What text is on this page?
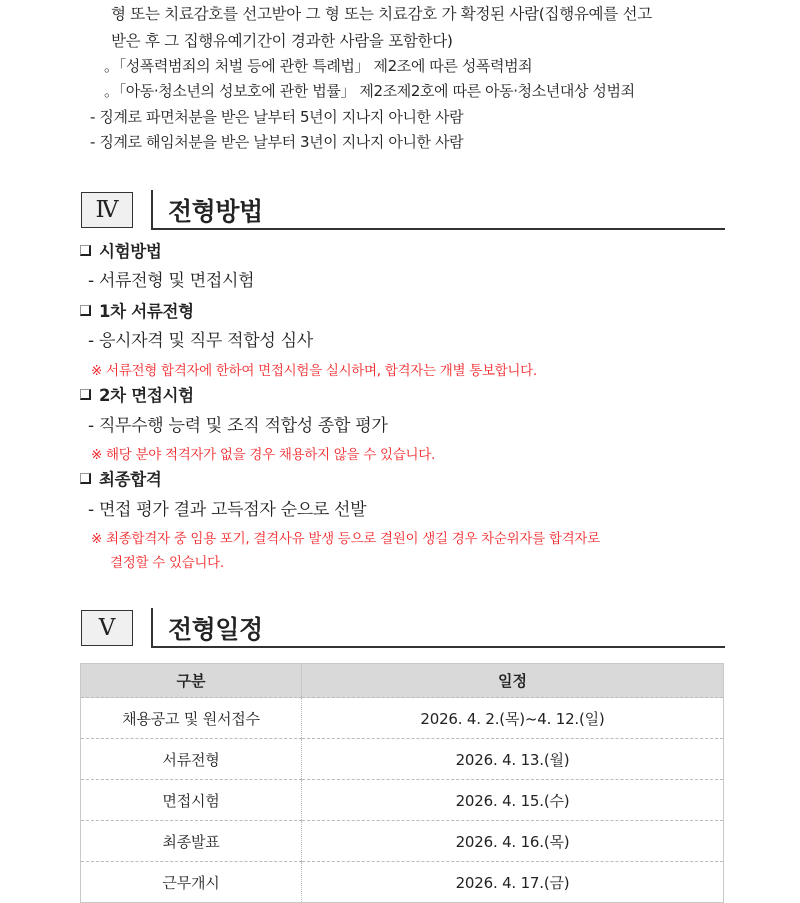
형 또는 치료감호를 선고받아 그 형 또는 치료감호 가 확정된 사람(집행유예를 선고
받은 후 그 집행유예기간이 경과한 사람을 포함한다)
。「성폭력범죄의 처벌 등에 관한 특례법」 제2조에 따른 성폭력범죄
。「아동·청소년의 성보호에 관한 법률」 제2조제2호에 따른 아동·청소년대상 성범죄
- 징계로 파면처분을 받은 날부터 5년이 지나지 아니한 사람
- 징계로 해임처분을 받은 날부터 3년이 지나지 아니한 사람
Ⅳ	전형방법
시험방법
- 서류전형 및 면접시험
1차 서류전형
- 응시자격 및 직무 적합성 심사
※ 서류전형 합격자에 한하여 면접시험을 실시하며, 합격자는 개별 통보합니다.
2차 면접시험
- 직무수행 능력 및 조직 적합성 종합 평가
※ 해당 분야 적격자가 없을 경우 채용하지 않을 수 있습니다.
최종합격
- 면접 평가 결과 고득점자 순으로 선발
※ 최종합격자 중 임용 포기, 결격사유 발생 등으로 결원이 생길 경우 차순위자를 합격자로
결정할 수 있습니다.
Ⅴ	전형일정
구분	일정
채용공고 및 원서접수	2026. 4. 2.(목)~4. 12.(일)
서류전형	2026. 4. 13.(월)
면접시험	2026. 4. 15.(수)
최종발표	2026. 4. 16.(목)
근무개시	2026. 4. 17.(금)
